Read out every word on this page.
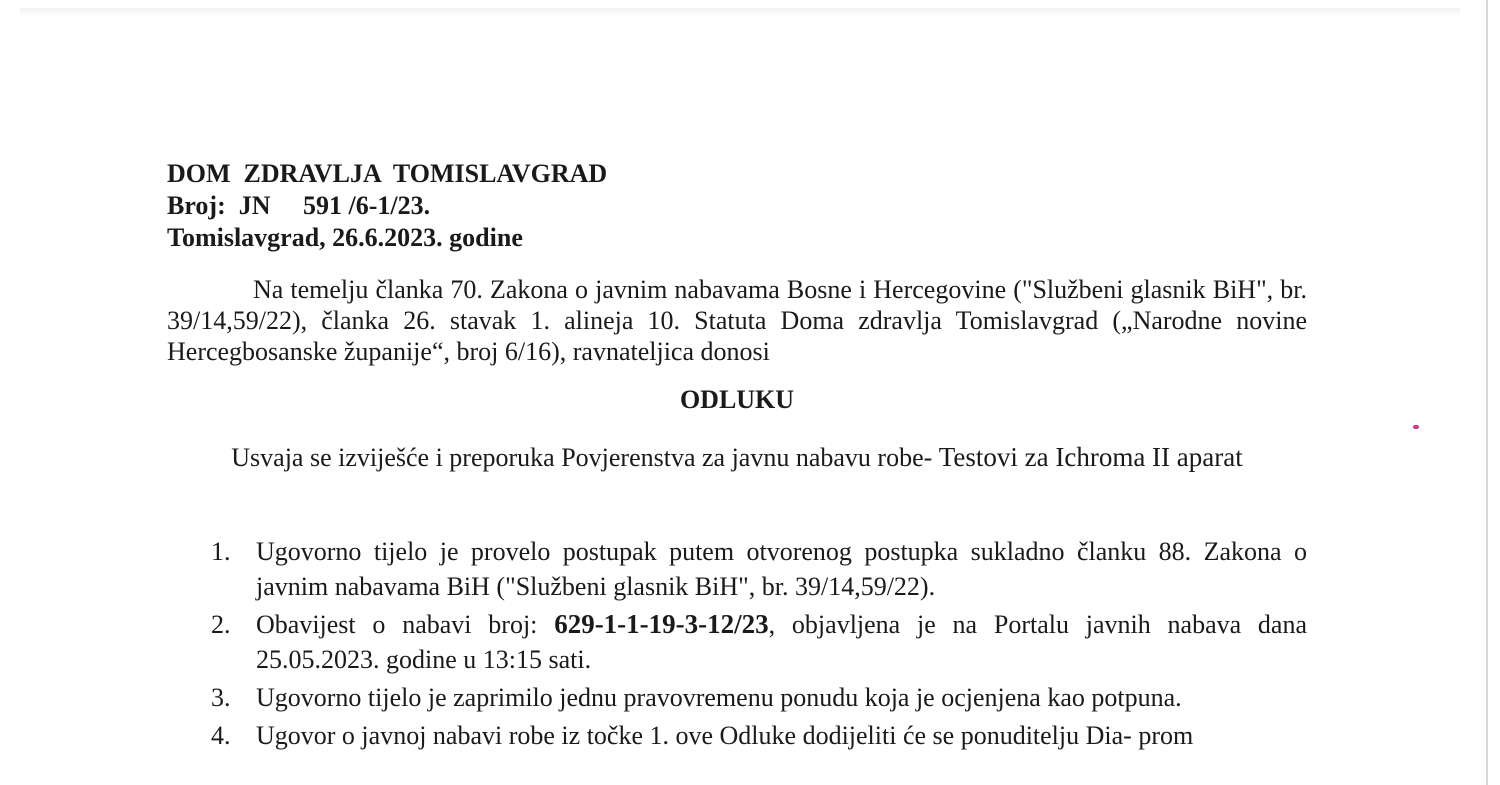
DOM  ZDRAVLJA  TOMISLAVGRAD
Broj:  JN     591 /6-1/23.
Tomislavgrad, 26.6.2023. godine
Na temelju članka 70. Zakona o javnim nabavama Bosne i Hercegovine ("Službeni glasnik BiH", br. 39/14,59/22), članka 26. stavak 1. alineja 10. Statuta Doma zdravlja Tomislavgrad („Narodne novine Hercegbosanske županije“, broj 6/16), ravnateljica donosi
ODLUKU
Usvaja se izviješće i preporuka Povjerenstva za javnu nabavu robe- Testovi za Ichroma II aparat
1. Ugovorno tijelo je provelo postupak putem otvorenog postupka sukladno članku 88. Zakona o javnim nabavama BiH ("Službeni glasnik BiH", br. 39/14,59/22).
2. Obavijest o nabavi broj: 629-1-1-19-3-12/23, objavljena je na Portalu javnih nabava dana 25.05.2023. godine u 13:15 sati.
3. Ugovorno tijelo je zaprimilo jednu pravovremenu ponudu koja je ocjenjena kao potpuna.
4. Ugovor o javnoj nabavi robe iz točke 1. ove Odluke dodijeliti će se ponuditelju Dia- prom
